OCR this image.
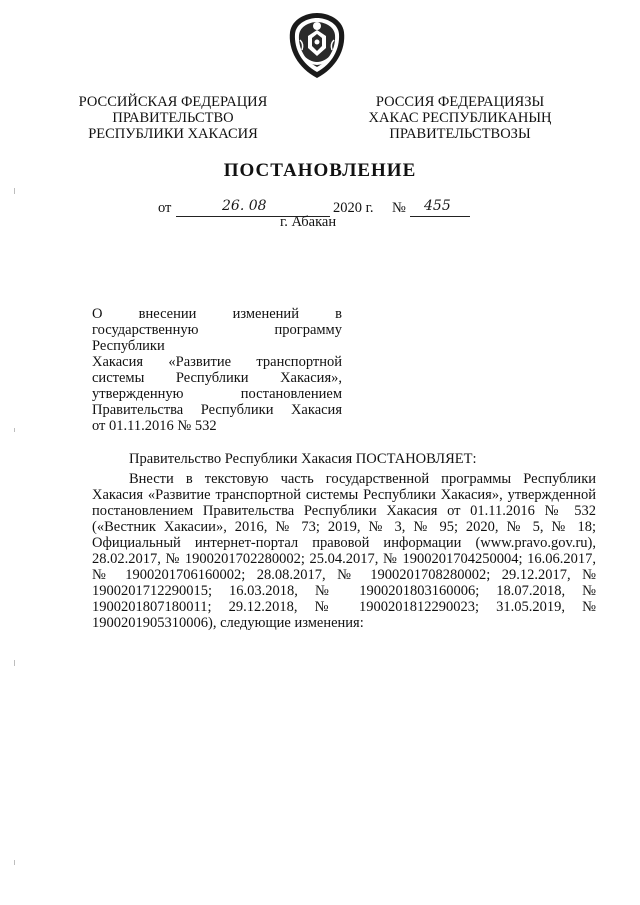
РОССИЙСКАЯ ФЕДЕРАЦИЯ
ПРАВИТЕЛЬСТВО
РЕСПУБЛИКИ ХАКАСИЯ
РОССИЯ ФЕДЕРАЦИЯЗЫ
ХАКАС РЕСПУБЛИКАНЫҢ
ПРАВИТЕЛЬСТВОЗЫ
ПОСТАНОВЛЕНИЕ
от	26. 08	2020 г. № 455
г. Абакан
О внесении изменений в
государственную программу Республики
Хакасия «Развитие транспортной
системы Республики Хакасия»,
утвержденную постановлением
Правительства Республики Хакасия
от 01.11.2016 № 532

Правительство Республики Хакасия ПОСТАНОВЛЯЕТ:

Внести в текстовую часть государственной программы Республики Хакасия «Развитие транспортной системы Республики Хакасия», утвержденной постановлением Правительства Республики Хакасия от 01.11.2016 № 532 («Вестник Хакасии», 2016, № 73; 2019, № 3, № 95; 2020, № 5, № 18; Официальный интернет-портал правовой информации (www.pravo.gov.ru), 28.02.2017, № 1900201702280002; 25.04.2017, № 1900201704250004; 16.06.2017, № 1900201706160002; 28.08.2017, № 1900201708280002; 29.12.2017, № 1900201712290015; 16.03.2018, № 1900201803160006; 18.07.2018, № 1900201807180011; 29.12.2018, № 1900201812290023; 31.05.2019, № 1900201905310006), следующие изменения:
